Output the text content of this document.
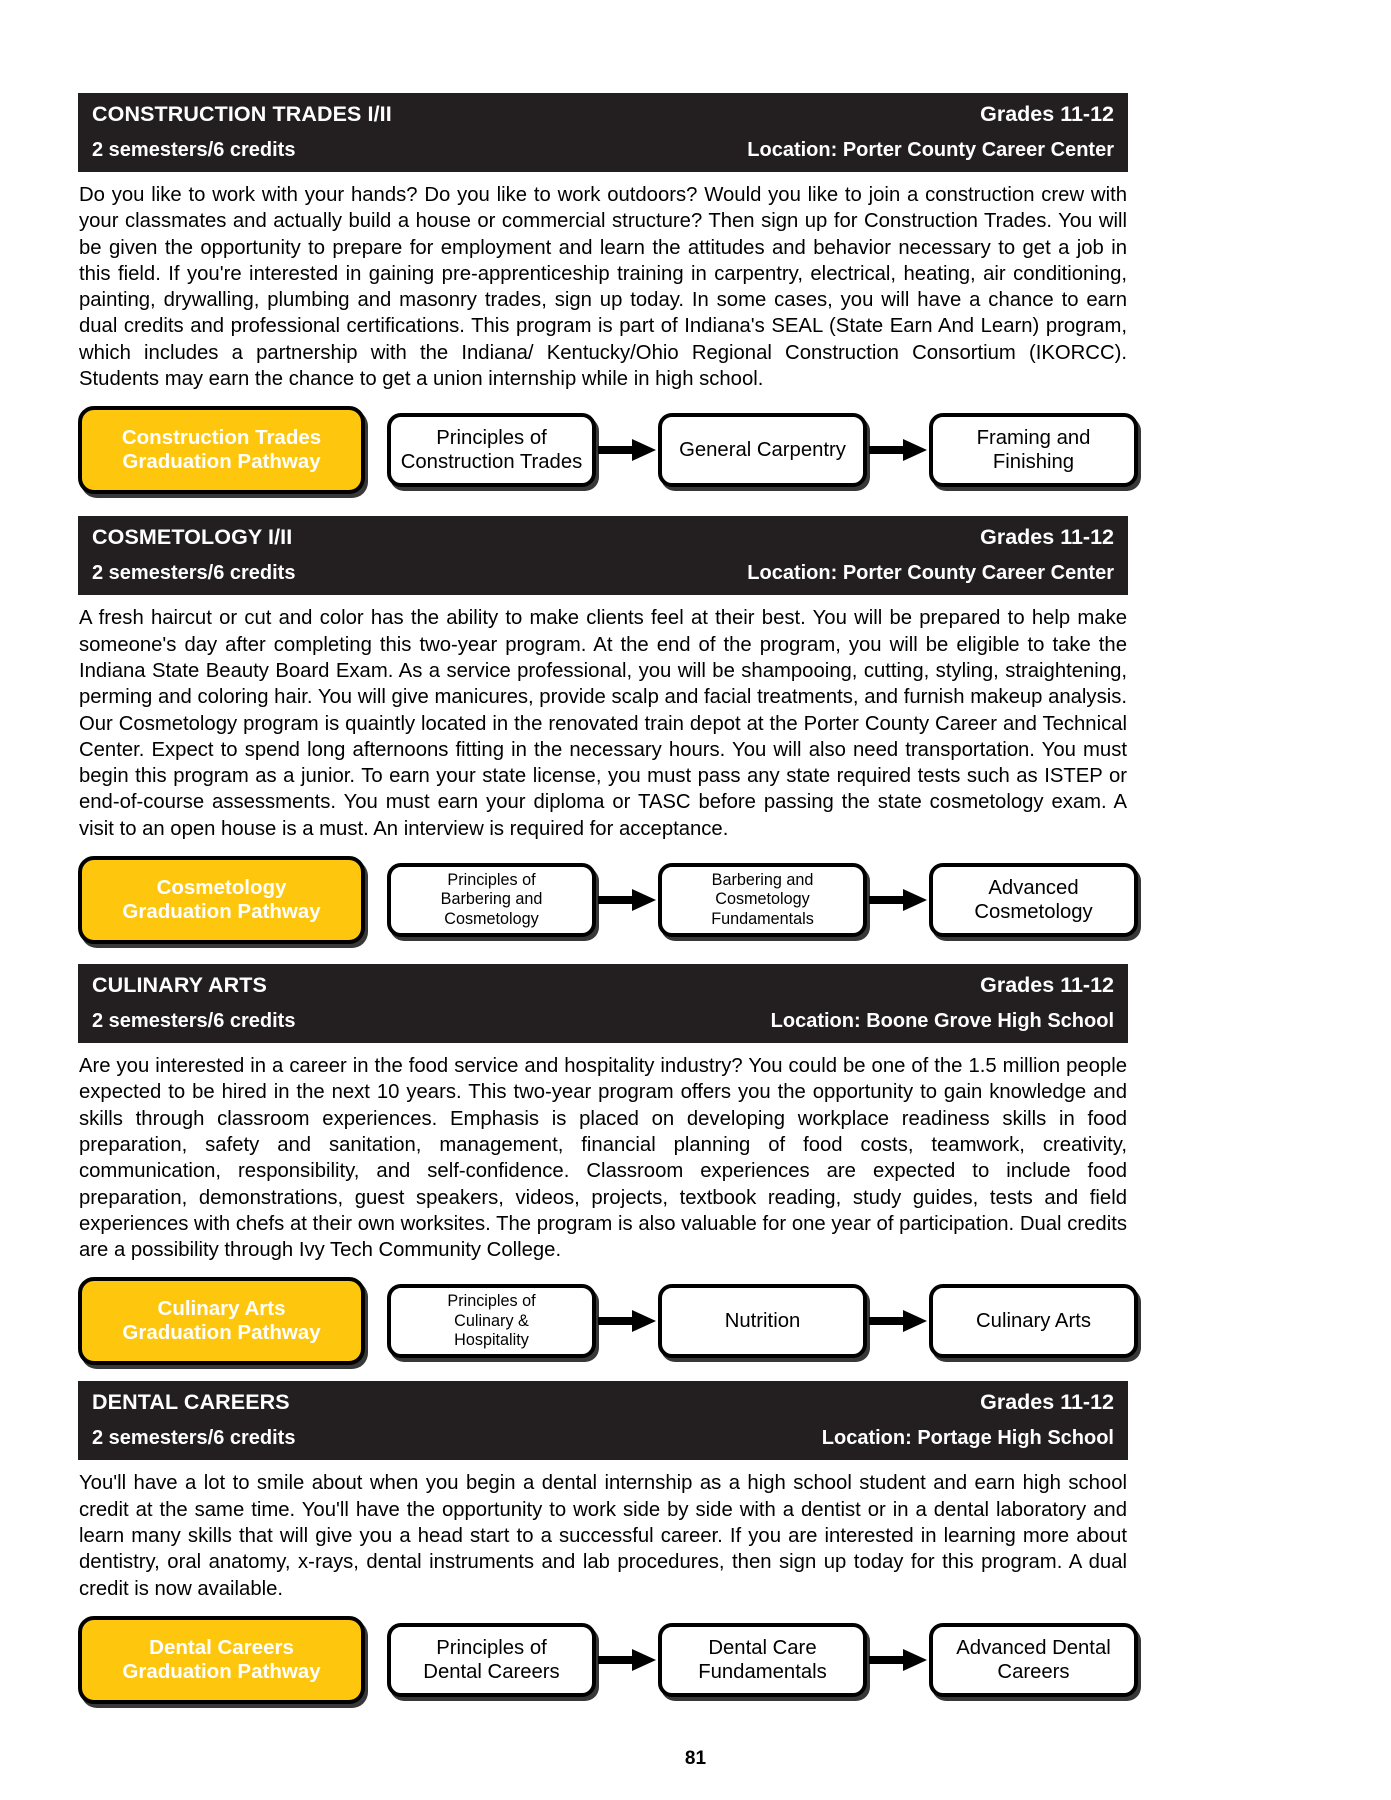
CONSTRUCTION TRADES I/II	Grades 11-12
2 semesters/6 credits	Location: Porter County Career Center

Do you like to work with your hands? Do you like to work outdoors? Would you like to join a construction crew with your classmates and actually build a house or commercial structure? Then sign up for Construction Trades. You will be given the opportunity to prepare for employment and learn the attitudes and behavior necessary to get a job in this field. If you're interested in gaining pre-apprenticeship training in carpentry, electrical, heating, air conditioning, painting, drywalling, plumbing and masonry trades, sign up today. In some cases, you will have a chance to earn dual credits and professional certifications. This program is part of Indiana's SEAL (State Earn And Learn) program, which includes a partnership with the Indiana/ Kentucky/Ohio Regional Construction Consortium (IKORCC). Students may earn the chance to get a union internship while in high school.

Construction Trades
Graduation Pathway
Principles of
Construction Trades
General Carpentry
Framing and
Finishing
COSMETOLOGY I/II	Grades 11-12
2 semesters/6 credits	Location: Porter County Career Center

A fresh haircut or cut and color has the ability to make clients feel at their best. You will be prepared to help make someone's day after completing this two-year program. At the end of the program, you will be eligible to take the Indiana State Beauty Board Exam. As a service professional, you will be shampooing, cutting, styling, straightening, perming and coloring hair. You will give manicures, provide scalp and facial treatments, and furnish makeup analysis. Our Cosmetology program is quaintly located in the renovated train depot at the Porter County Career and Technical Center. Expect to spend long afternoons fitting in the necessary hours. You will also need transportation. You must begin this program as a junior. To earn your state license, you must pass any state required tests such as ISTEP or end-of-course assessments. You must earn your diploma or TASC before passing the state cosmetology exam. A visit to an open house is a must. An interview is required for acceptance.

Cosmetology
Graduation Pathway
Principles of
Barbering and
Cosmetology
Barbering and
Cosmetology
Fundamentals
Advanced
Cosmetology
CULINARY ARTS	Grades 11-12
2 semesters/6 credits	Location: Boone Grove High School

Are you interested in a career in the food service and hospitality industry? You could be one of the 1.5 million people expected to be hired in the next 10 years. This two-year program offers you the opportunity to gain knowledge and skills through classroom experiences. Emphasis is placed on developing workplace readiness skills in food preparation, safety and sanitation, management, financial planning of food costs, teamwork, creativity, communication, responsibility, and self-confidence. Classroom experiences are expected to include food preparation, demonstrations, guest speakers, videos, projects, textbook reading, study guides, tests and field experiences with chefs at their own worksites. The program is also valuable for one year of participation. Dual credits are a possibility through Ivy Tech Community College.

Culinary Arts
Graduation Pathway
Principles of
Culinary &
Hospitality
Nutrition	Culinary Arts
DENTAL CAREERS	Grades 11-12
2 semesters/6 credits	Location: Portage High School

You'll have a lot to smile about when you begin a dental internship as a high school student and earn high school credit at the same time. You'll have the opportunity to work side by side with a dentist or in a dental laboratory and learn many skills that will give you a head start to a successful career. If you are interested in learning more about dentistry, oral anatomy, x-rays, dental instruments and lab procedures, then sign up today for this program. A dual credit is now available.

Dental Careers
Graduation Pathway
Principles of
Dental Careers
Dental Care
Fundamentals
Advanced Dental
Careers
81
